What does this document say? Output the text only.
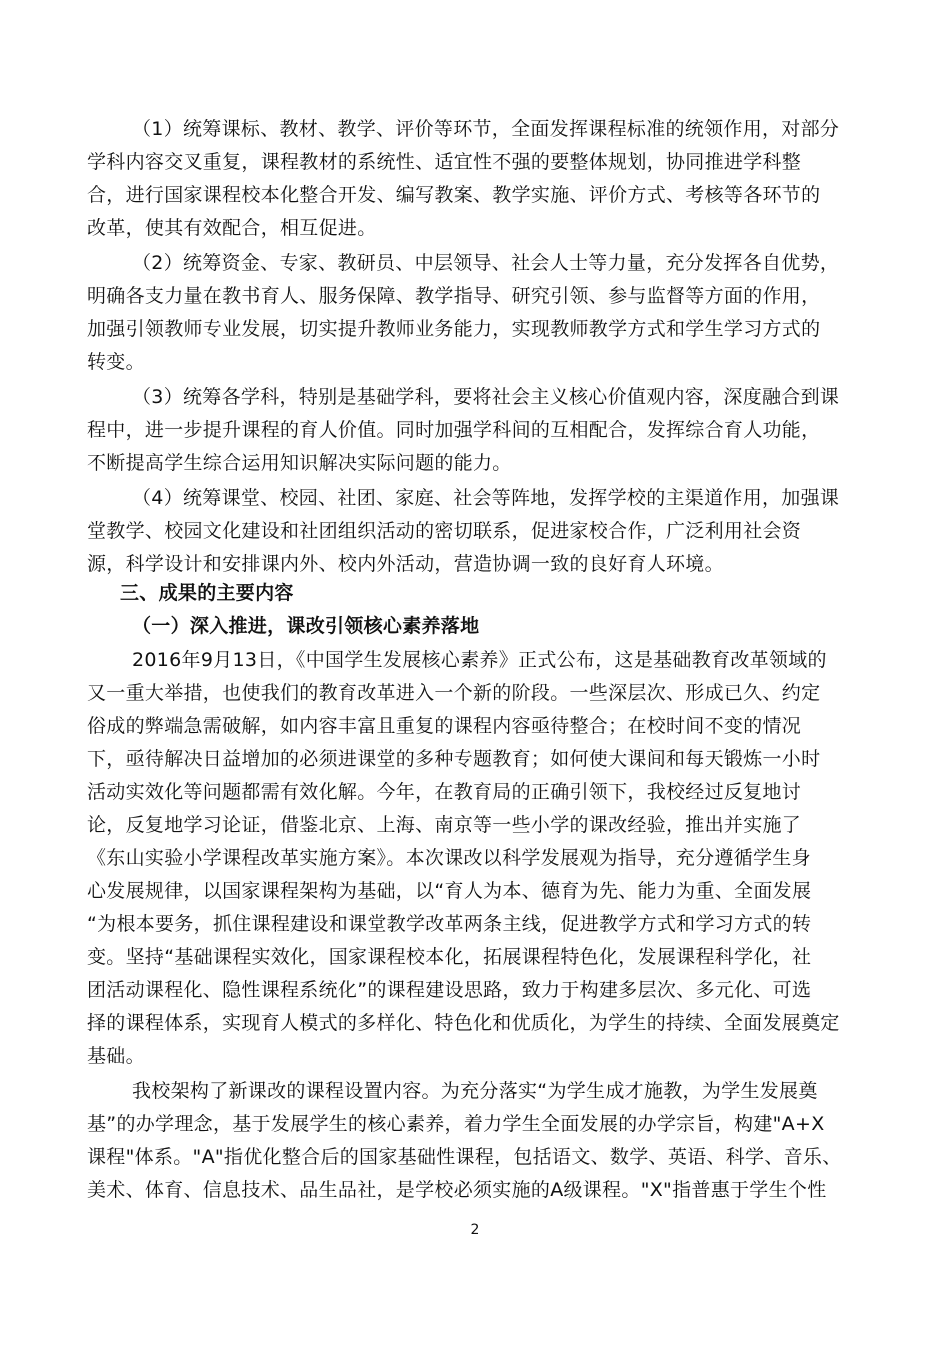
（1）统筹课标、教材、教学、评价等环节，全面发挥课程标准的统领作用，对部分
学科内容交叉重复，课程教材的系统性、适宜性不强的要整体规划，协同推进学科整
合，进行国家课程校本化整合开发、编写教案、教学实施、评价方式、考核等各环节的
改革，使其有效配合，相互促进。
（2）统筹资金、专家、教研员、中层领导、社会人士等力量，充分发挥各自优势，
明确各支力量在教书育人、服务保障、教学指导、研究引领、参与监督等方面的作用，
加强引领教师专业发展，切实提升教师业务能力，实现教师教学方式和学生学习方式的
转变。
（3）统筹各学科，特别是基础学科，要将社会主义核心价值观内容，深度融合到课
程中，进一步提升课程的育人价值。同时加强学科间的互相配合，发挥综合育人功能，
不断提高学生综合运用知识解决实际问题的能力。
（4）统筹课堂、校园、社团、家庭、社会等阵地，发挥学校的主渠道作用，加强课
堂教学、校园文化建设和社团组织活动的密切联系，促进家校合作，广泛利用社会资
源，科学设计和安排课内外、校内外活动，营造协调一致的良好育人环境。
三、成果的主要内容
（一）深入推进，课改引领核心素养落地
2016年9月13日，《中国学生发展核心素养》正式公布，这是基础教育改革领域的
又一重大举措，也使我们的教育改革进入一个新的阶段。一些深层次、形成已久、约定
俗成的弊端急需破解，如内容丰富且重复的课程内容亟待整合；在校时间不变的情况
下，亟待解决日益增加的必须进课堂的多种专题教育；如何使大课间和每天锻炼一小时
活动实效化等问题都需有效化解。今年，在教育局的正确引领下，我校经过反复地讨
论，反复地学习论证，借鉴北京、上海、南京等一些小学的课改经验，推出并实施了
《东山实验小学课程改革实施方案》。本次课改以科学发展观为指导，充分遵循学生身
心发展规律，以国家课程架构为基础，以“育人为本、德育为先、能力为重、全面发展
“为根本要务，抓住课程建设和课堂教学改革两条主线，促进教学方式和学习方式的转
变。坚持“基础课程实效化，国家课程校本化，拓展课程特色化，发展课程科学化，社
团活动课程化、隐性课程系统化”的课程建设思路，致力于构建多层次、多元化、可选
择的课程体系，实现育人模式的多样化、特色化和优质化，为学生的持续、全面发展奠定
基础。
我校架构了新课改的课程设置内容。为充分落实“为学生成才施教，为学生发展奠
基”的办学理念，基于发展学生的核心素养，着力学生全面发展的办学宗旨，构建"A+X
课程"体系。"A"指优化整合后的国家基础性课程，包括语文、数学、英语、科学、音乐、
美术、体育、信息技术、品生品社，是学校必须实施的A级课程。"X"指普惠于学生个性
2
